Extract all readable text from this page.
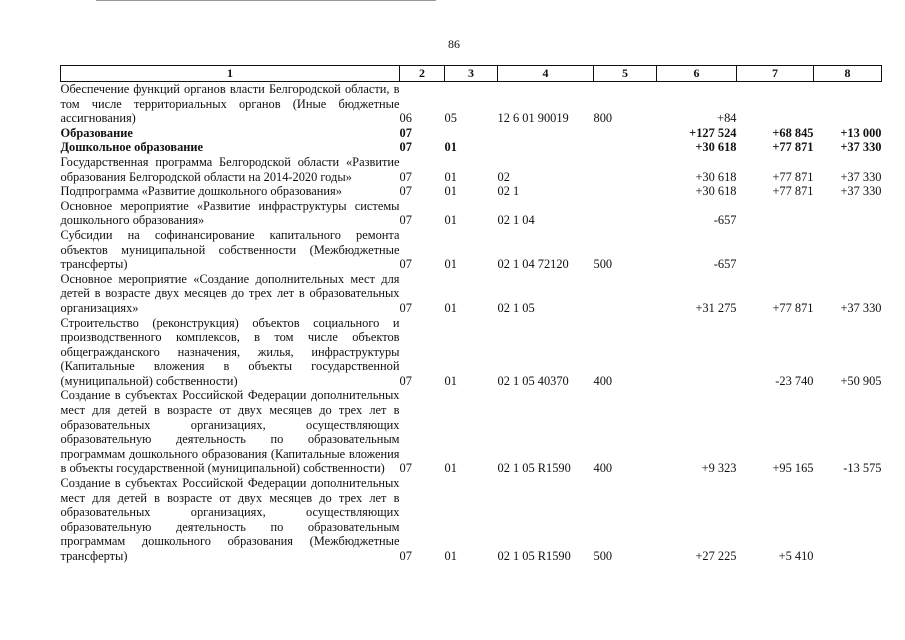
86
1	2	3	4	5	6	7	8
Обеспечение функций органов власти Белгородской области, в том числе территориальных органов (Иные бюджетные ассигнования)	06	05	12 6 01 90019	800	+84		
Образование	07				+127 524	+68 845	+13 000
Дошкольное образование	07	01			+30 618	+77 871	+37 330
Государственная программа Белгородской области «Развитие образования Белгородской области на 2014-2020 годы»	07	01	02		+30 618	+77 871	+37 330
Подпрограмма «Развитие дошкольного образования»	07	01	02 1		+30 618	+77 871	+37 330
Основное мероприятие «Развитие инфраструктуры системы дошкольного образования»	07	01	02 1 04		-657		
Субсидии на софинансирование капитального ремонта объектов муниципальной собственности (Межбюджетные трансферты)	07	01	02 1 04 72120	500	-657		
Основное мероприятие «Создание дополнительных мест для детей в возрасте двух месяцев до трех лет в образовательных организациях»	07	01	02 1 05		+31 275	+77 871	+37 330
Строительство (реконструкция) объектов социального и производственного комплексов, в том числе объектов общегражданского назначения, жилья, инфраструктуры (Капитальные вложения в объекты государственной (муниципальной) собственности)	07	01	02 1 05 40370	400		-23 740	+50 905
Создание в субъектах Российской Федерации дополнительных мест для детей в возрасте от двух месяцев до трех лет в образовательных организациях, осуществляющих образовательную деятельность по образовательным программам дошкольного образования (Капитальные вложения в объекты государственной (муниципальной) собственности)	07	01	02 1 05 R1590	400	+9 323	+95 165	-13 575
Создание в субъектах Российской Федерации дополнительных мест для детей в возрасте от двух месяцев до трех лет в образовательных организациях, осуществляющих образовательную деятельность по образовательным программам дошкольного образования (Межбюджетные трансферты)	07	01	02 1 05 R1590	500	+27 225	+5 410	
